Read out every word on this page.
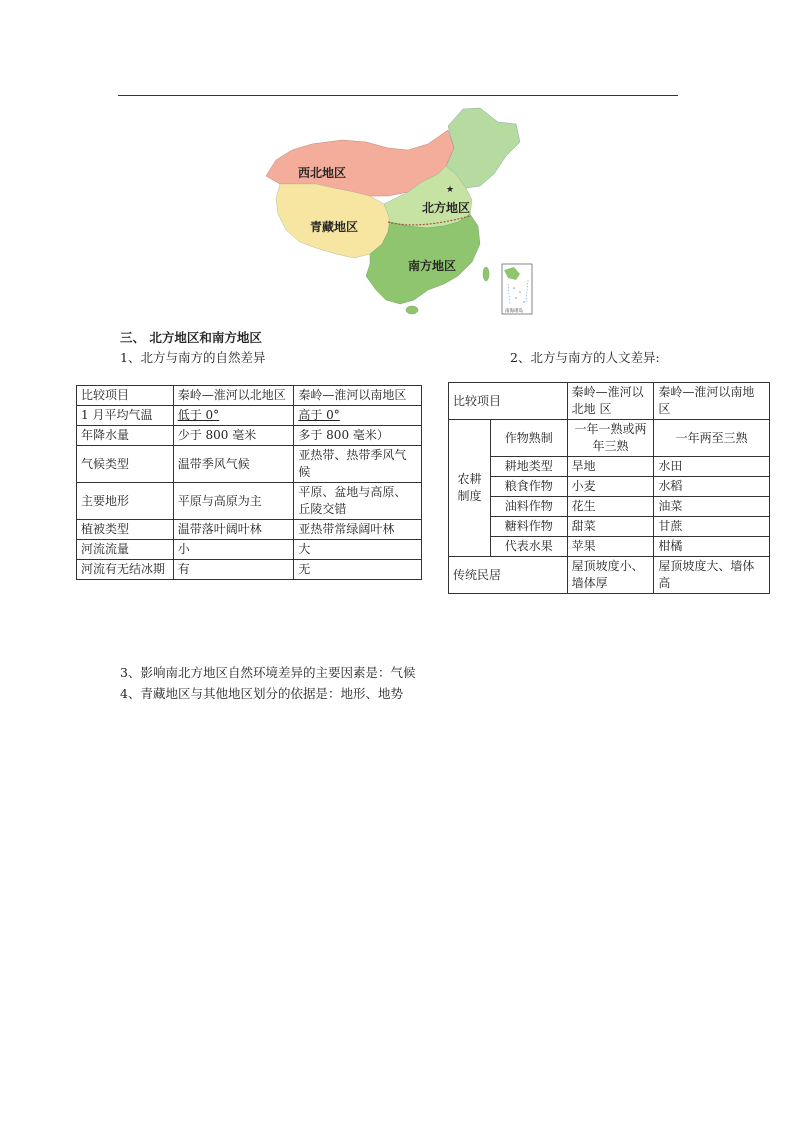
★
西北地区
青藏地区
北方地区
南方地区
南海诸岛
三、 北方地区和南方地区
1、北方与南方的自然差异	2、北方与南方的人文差异:
比较项目	秦岭—淮河以北地区	秦岭—淮河以南地区
1 月平均气温	低于 0°	高于 0°
年降水量	少于 800 毫米	多于 800 毫米）
气候类型	温带季风气候	亚热带、热带季风气候
主要地形	平原与高原为主	平原、盆地与高原、丘陵交错
植被类型	温带落叶阔叶林	亚热带常绿阔叶林
河流流量	小	大
河流有无结冰期	有	无
比较项目		秦岭—淮河以北地 区	秦岭—淮河以南地区
农耕制度	作物熟制	一年一熟或两年三熟	一年两至三熟
	耕地类型	旱地	水田
	粮食作物	小麦	水稻
	油料作物	花生	油菜
	糖料作物	甜菜	甘蔗
	代表水果	苹果	柑橘
传统民居		屋顶坡度小、墙体厚	屋顶坡度大、墙体高
3、影响南北方地区自然环境差异的主要因素是：气候
4、青藏地区与其他地区划分的依据是：地形、地势
